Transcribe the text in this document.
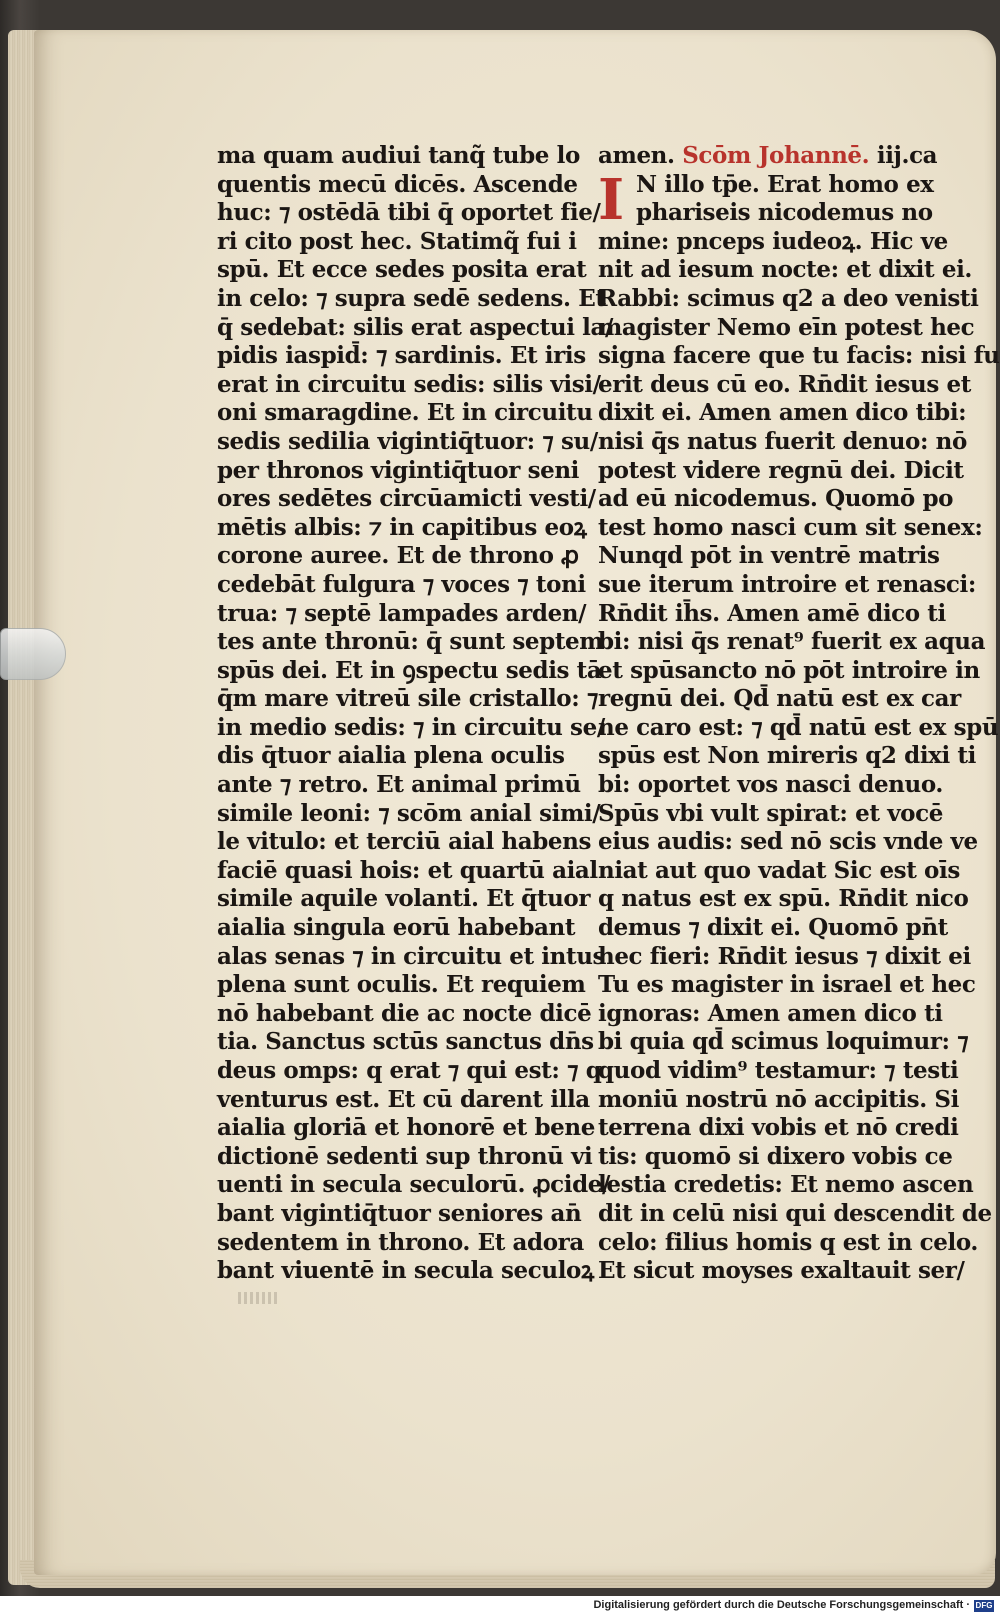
ma quam audiui tanq̃ tube lo
quentis mecū dicēs. Ascende
huc: ⁊ ostēdā tibi q̄ oportet fie/
ri cito post hec. Statimq̃ fui i
spū. Et ecce sedes posita erat
in celo: ⁊ supra sedē sedens. Et
q̄ sedebat: silis erat aspectui la/
pidis iaspid̄: ⁊ sardinis. Et iris
erat in circuitu sedis: silis visi/
oni smaragdine. Et in circuitu
sedis sedilia vigintiq̄tuor: ⁊ su/
per thronos vigintiq̄tuor seni
ores sedētes circūamicti vesti/
mētis albis: ⁊ in capitibus eoꝝ
corone auree. Et de throno ꝓ
cedebāt fulgura ⁊ voces ⁊ toni
trua: ⁊ septē lampades arden/
tes ante thronū: q̄ sunt septem
spūs dei. Et in ꝯspectu sedis tā
q̄m mare vitreū sile cristallo: ⁊
in medio sedis: ⁊ in circuitu se/
dis q̄tuor aialia plena oculis
ante ⁊ retro. Et animal primū
simile leoni: ⁊ scōm anial simi/
le vitulo: et terciū aial habens
faciē quasi hois: et quartū aial
simile aquile volanti. Et q̄tuor
aialia singula eorū habebant
alas senas ⁊ in circuitu et intus
plena sunt oculis. Et requiem
nō habebant die ac nocte dicē
tia. Sanctus sctūs sanctus dn̄s
deus omps: q erat ⁊ qui est: ⁊ q
venturus est. Et cū darent illa
aialia gloriā et honorē et bene
dictionē sedenti sup thronū vi
uenti in secula seculorū. ꝓcide/
bant vigintiq̄tuor seniores an̄
sedentem in throno. Et adora
bant viuentē in secula seculoꝝ
amen. Scōm Johannē. iij.ca
I N illo tp̄e. Erat homo ex
phariseis nicodemus no
mine: pnceps iudeoꝝ. Hic ve
nit ad iesum nocte: et dixit ei.
Rabbi: scimus q2 a deo venisti
magister Nemo eīn potest hec
signa facere que tu facis: nisi fu
erit deus cū eo. Rn̄dit iesus et
dixit ei. Amen amen dico tibi:
nisi q̄s natus fuerit denuo: nō
potest videre regnū dei. Dicit
ad eū nicodemus. Quomō po
test homo nasci cum sit senex:
Nunqd pōt in ventrē matris
sue iterum introire et renasci:
Rn̄dit ih̄s. Amen amē dico ti
bi: nisi q̄s renat⁹ fuerit ex aqua
et spūsancto nō pōt introire in
regnū dei. Qd̄ natū est ex car
ne caro est: ⁊ qd̄ natū est ex spū
spūs est Non mireris q2 dixi ti
bi: oportet vos nasci denuo.
Spūs vbi vult spirat: et vocē
eius audis: sed nō scis vnde ve
niat aut quo vadat Sic est oīs
q natus est ex spū. Rn̄dit nico
demus ⁊ dixit ei. Quomō pn̄t
hec fieri: Rn̄dit iesus ⁊ dixit ei
Tu es magister in israel et hec
ignoras: Amen amen dico ti
bi quia qd̄ scimus loquimur: ⁊
quod vidim⁹ testamur: ⁊ testi
moniū nostrū nō accipitis. Si
terrena dixi vobis et nō credi
tis: quomō si dixero vobis ce
lestia credetis: Et nemo ascen
dit in celū nisi qui descendit de
celo: filius homis q est in celo.
Et sicut moyses exaltauit ser/
Digitalisierung gefördert durch die Deutsche Forschungsgemeinschaft · DFG
